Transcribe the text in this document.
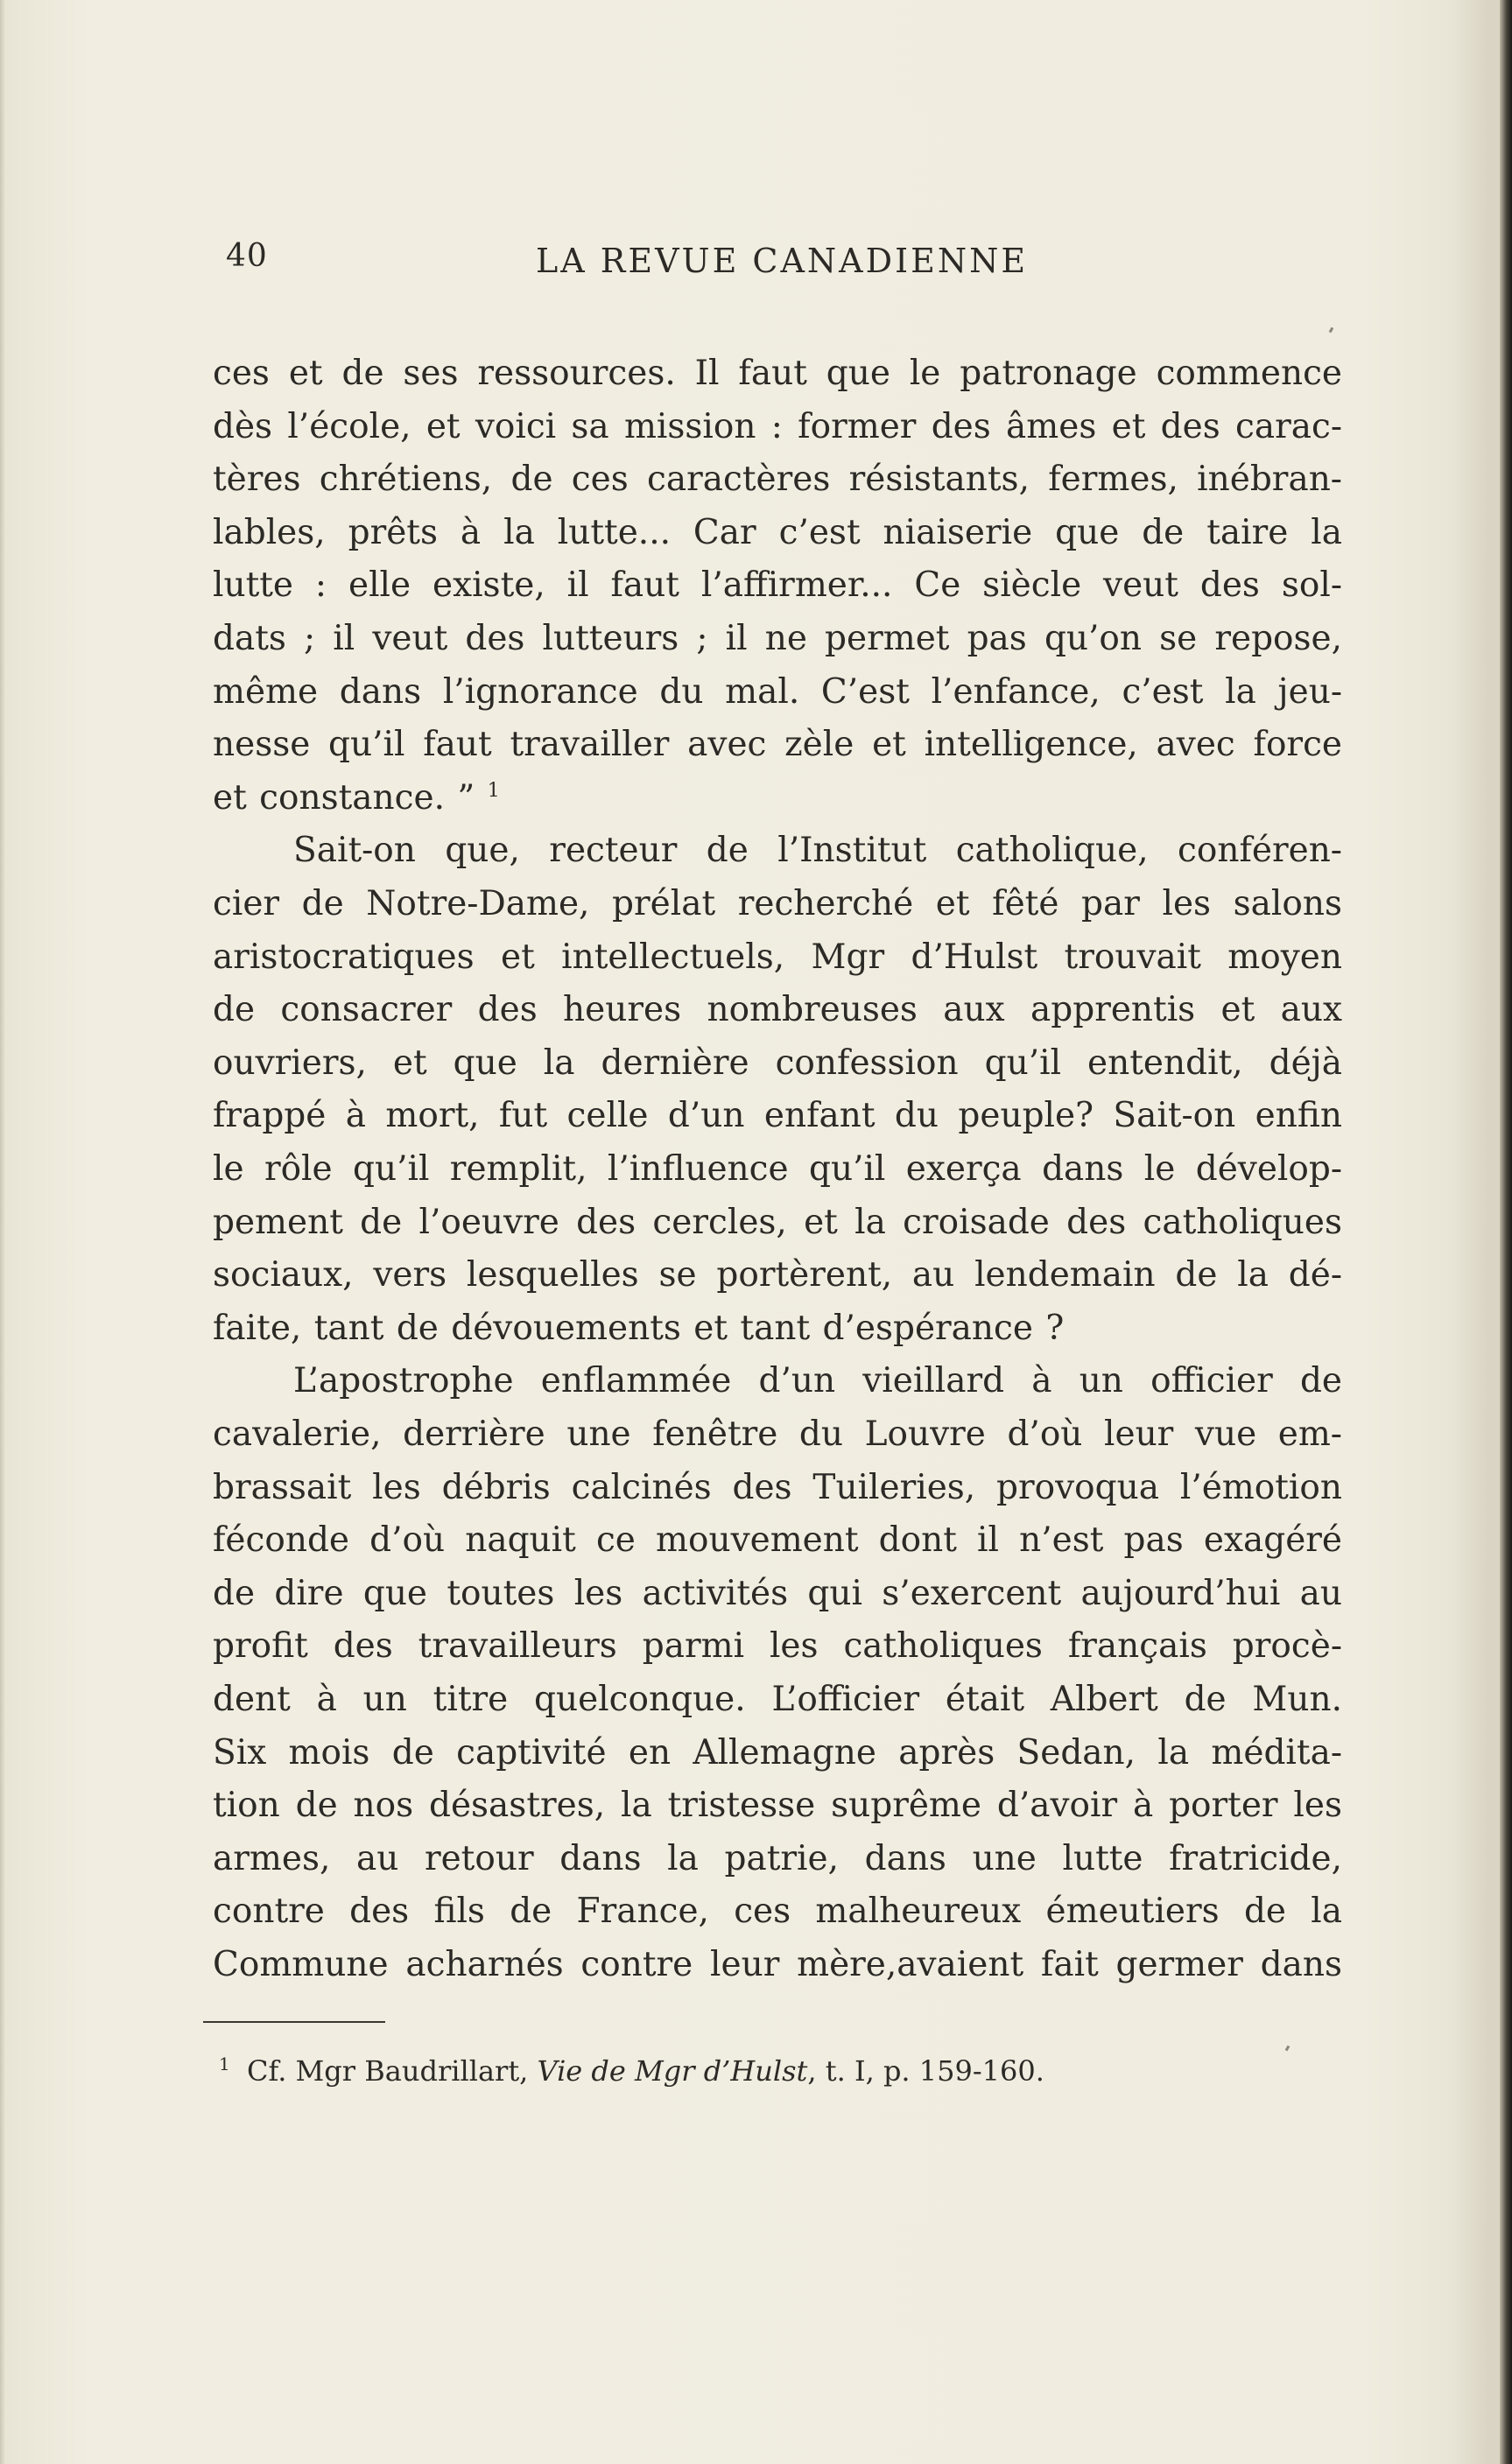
40	LA REVUE CANADIENNE
ces et de ses ressources. Il faut que le patronage commence
dès l’école, et voici sa mission : former des âmes et des carac-
tères chrétiens, de ces caractères résistants, fermes, inébran-
lables, prêts à la lutte... Car c’est niaiserie que de taire la
lutte : elle existe, il faut l’affirmer... Ce siècle veut des sol-
dats ; il veut des lutteurs ; il ne permet pas qu’on se repose,
même dans l’ignorance du mal. C’est l’enfance, c’est la jeu-
nesse qu’il faut travailler avec zèle et intelligence, avec force
et constance. ” $^1$
Sait-on que, recteur de l’Institut catholique, conféren-
cier de Notre-Dame, prélat recherché et fêté par les salons
aristocratiques et intellectuels, Mgr d’Hulst trouvait moyen
de consacrer des heures nombreuses aux apprentis et aux
ouvriers, et que la dernière confession qu’il entendit, déjà
frappé à mort, fut celle d’un enfant du peuple? Sait-on enfin
le rôle qu’il remplit, l’influence qu’il exerça dans le dévelop-
pement de l’oeuvre des cercles, et la croisade des catholiques
sociaux, vers lesquelles se portèrent, au lendemain de la dé-
faite, tant de dévouements et tant d’espérance ?
L’apostrophe enflammée d’un vieillard à un officier de
cavalerie, derrière une fenêtre du Louvre d’où leur vue em-
brassait les débris calcinés des Tuileries, provoqua l’émotion
féconde d’où naquit ce mouvement dont il n’est pas exagéré
de dire que toutes les activités qui s’exercent aujourd’hui au
profit des travailleurs parmi les catholiques français procè-
dent à un titre quelconque. L’officier était Albert de Mun.
Six mois de captivité en Allemagne après Sedan, la médita-
tion de nos désastres, la tristesse suprême d’avoir à porter les
armes, au retour dans la patrie, dans une lutte fratricide,
contre des fils de France, ces malheureux émeutiers de la
Commune acharnés contre leur mère,avaient fait germer dans
1 Cf. Mgr Baudrillart, Vie de Mgr d’Hulst, t. I, p. 159-160.
